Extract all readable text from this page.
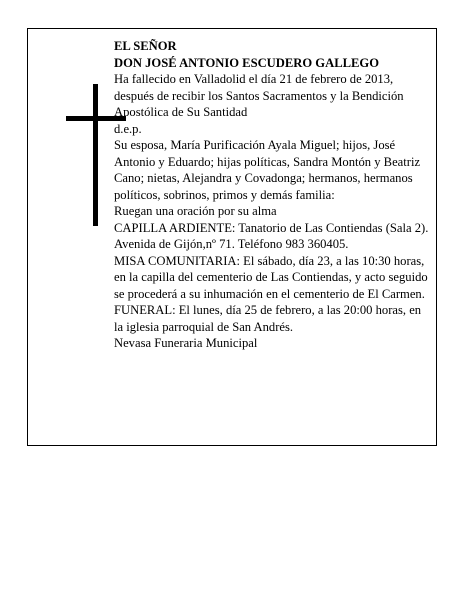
EL SEÑOR

DON JOSÉ ANTONIO ESCUDERO GALLEGO

Ha fallecido en Valladolid el día 21 de febrero de 2013, después de recibir los Santos Sacramentos y la Bendición Apostólica de Su Santidad

d.e.p.

Su esposa, María Purificación Ayala Miguel; hijos, José Antonio y Eduardo; hijas políticas, Sandra Montón y Beatriz Cano; nietas, Alejandra y Covadonga; hermanos, hermanos políticos, sobrinos, primos y demás familia:

Ruegan una oración por su alma

CAPILLA ARDIENTE: Tanatorio de Las Contiendas (Sala 2). Avenida de Gijón,nº 71. Teléfono 983 360405.

MISA COMUNITARIA: El sábado, día 23, a las 10:30 horas, en la capilla del cementerio de Las Contiendas, y acto seguido se procederá a su inhumación en el cementerio de El Carmen.

FUNERAL: El lunes, día 25 de febrero, a las 20:00 horas, en la iglesia parroquial de San Andrés.

Nevasa Funeraria Municipal
